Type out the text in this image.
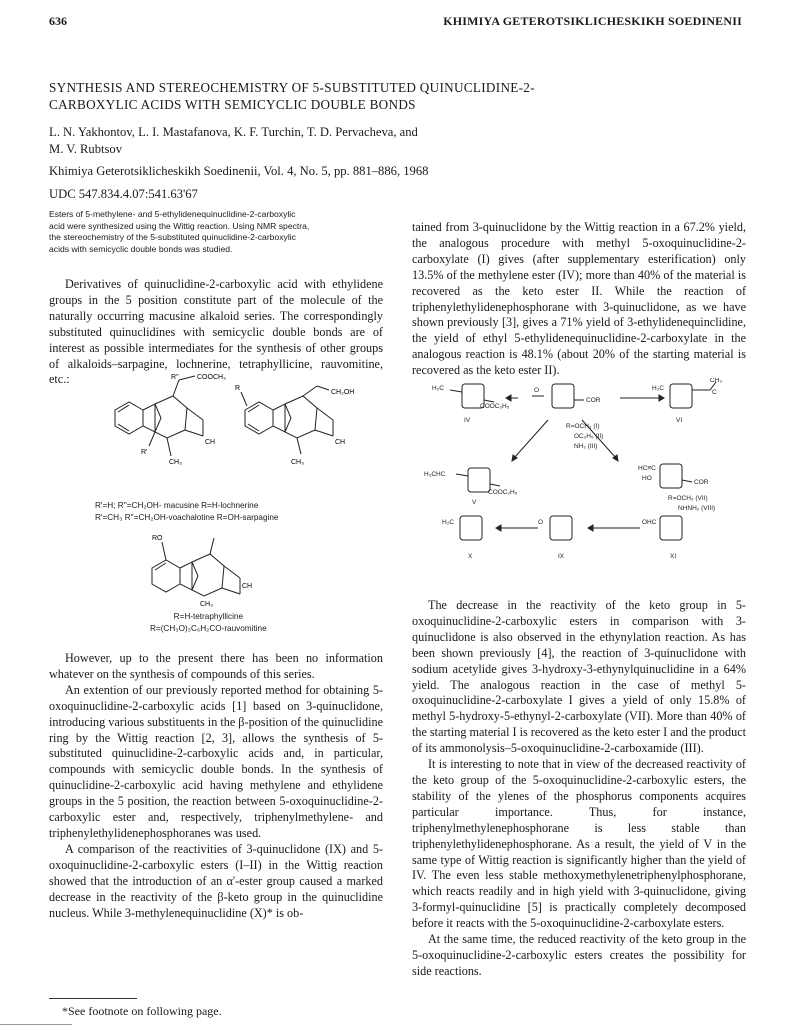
636	KHIMIYA GETEROTSIKLICHESKIKH SOEDINENII
SYNTHESIS AND STEREOCHEMISTRY OF 5-SUBSTITUTED QUINUCLIDINE-2-
CARBOXYLIC ACIDS WITH SEMICYCLIC DOUBLE BONDS
L. N. Yakhontov, L. I. Mastafanova, K. F. Turchin, T. D. Pervacheva, and
M. V. Rubtsov
Khimiya Geterotsiklicheskikh Soedinenii, Vol. 4, No. 5, pp. 881–886, 1968
UDC 547.834.4.07:541.63'67
Esters of 5-methylene- and 5-ethylidenequinuclidine-2-carboxylic
acid were synthesized using the Wittig reaction. Using NMR spectra,
the stereochemistry of the 5-substituted quinuclidine-2-carboxylic
acids with semicyclic double bonds was studied.

Derivatives of quinuclidine-2-carboxylic acid with ethylidene groups in the 5 position constitute part of the molecule of the naturally occurring macusine alkaloid series. The correspondingly substituted quinuclidines with semicyclic double bonds are of interest as possible intermediates for the synthesis of other groups of alkaloids–sarpagine, lochnerine, tetraphyllicine, rauvomitine, etc.:	R''	COOCH₃
R'
CH
CH₃
R
CH₂OH
CH
CH₃
R'=H; R''=CH₂OH- macusine R=H-lochnerine
R'=CH₃ R''=CH₂OH-voachalotine R=OH-sarpagine
RO
CH
CH₃
R=H-tetraphyllicine
R=(CH₃O)₃C₆H₂CO-rauvomitine

However, up to the present there has been no information whatever on the synthesis of compounds of this series.

An extention of our previously reported method for obtaining 5-oxoquinuclidine-2-carboxylic acids [1] based on 3-quinuclidone, introducing various substituents in the β-position of the quinuclidine ring by the Wittig reaction [2, 3], allows the synthesis of 5-substituted quinuclidine-2-carboxylic acids and, in particular, compounds with semicyclic double bonds. In the synthesis of quinuclidine-2-carboxylic acid having methylene and ethylidene groups in the 5 position, the reaction between 5-oxoquinuclidine-2-carboxylic ester and, respectively, triphenylmethylene- and triphenylethylidenephosphoranes was used.

A comparison of the reactivities of 3-quinuclidone (IX) and 5-oxoquinuclidine-2-carboxylic esters (I–II) in the Wittig reaction showed that the introduction of an α'-ester group caused a marked decrease in the reactivity of the β-keto group in the quinuclidine nucleus. While 3-methylenequinuclidine (X)* is ob-

tained from 3-quinuclidone by the Wittig reaction in a 67.2% yield, the analogous procedure with methyl 5-oxoquinuclidine-2-carboxylate (I) gives (after supplementary esterification) only 13.5% of the methylene ester (IV); more than 40% of the material is recovered as the keto ester II. While the reaction of triphenylethylidenephosphorane with 3-quinuclidone, as we have shown previously [3], gives a 71% yield of 3-ethylidenequinclidine, the yield of ethyl 5-ethylidenequinuclidine-2-carboxylate in the analogous reaction is 48.1% (about 20% of the starting material is recovered as the keto ester II).

H₂C
COOC₂H₅
IV
O
COR
R=OCH₃ (I)
OC₂H₅ (II)
NH₂ (III)
H₂C
CH₃
C
VI
H₃CHC
COOC₂H₅
V
HC≡C
HO
COR
R=OCH₃ (VII)
NHNH₂ (VIII)
H₂C	O	OHC
X	IX	XI

The decrease in the reactivity of the keto group in 5-oxoquinuclidine-2-carboxylic esters in comparison with 3-quinuclidone is also observed in the ethynylation reaction. As has been shown previously [4], the reaction of 3-quinuclidone with sodium acetylide gives 3-hydroxy-3-ethynylquinuclidine in a 64% yield. The analogous reaction in the case of methyl 5-oxoquinuclidine-2-carboxylate I gives a yield of only 15.8% of methyl 5-hydroxy-5-ethynyl-2-carboxylate (VII). More than 40% of the starting material I is recovered as the keto ester I and the product of its ammonolysis–5-oxoquinuclidine-2-carboxamide (III).

It is interesting to note that in view of the decreased reactivity of the keto group of the 5-oxoquinuclidine-2-carboxylic esters, the stability of the ylenes of the phosphorus components acquires particular importance. Thus, for instance, triphenylmethylenephosphorane is less stable than triphenylethylidenephosphorane. As a result, the yield of V in the same type of Wittig reaction is significantly higher than the yield of IV. The even less stable methoxymethylenetriphenylphosphorane, which reacts readily and in high yield with 3-quinuclidone, giving 3-formyl-quinuclidine [5] is practically completely decomposed before it reacts with the 5-oxoquinuclidine-2-carboxylate esters.

At the same time, the reduced reactivity of the keto group in the 5-oxoquinuclidine-2-carboxylic esters creates the possibility for side reactions.

*See footnote on following page.
